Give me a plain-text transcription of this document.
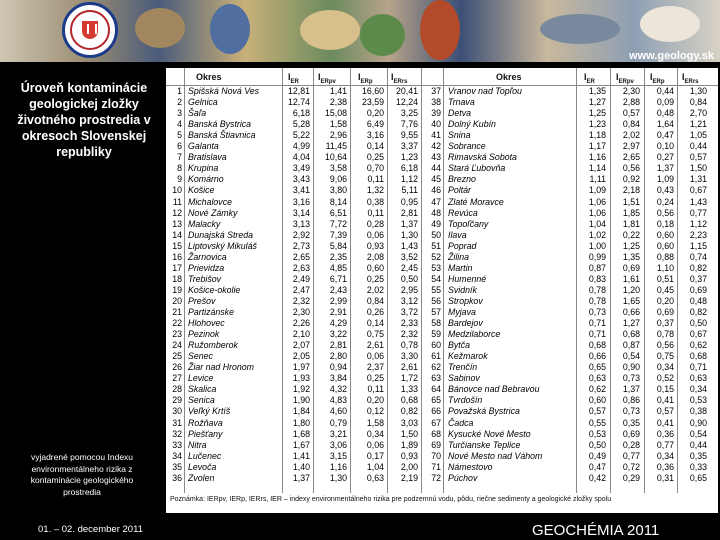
www.geology.sk
Úroveň kontaminácie geologickej zložky životného prostredia v okresoch Slovenskej republiky
vyjadrené pomocou Indexu environmentálneho rizika z kontaminácie geologického prostredia
01. – 02. december 2011	GEOCHÉMIA 2011
Okres	$I_{ER}$ $I_{ERpv}$ $I_{ERp}$ $I_{ERrs}$	Okres	$I_{ER}$ $I_{ERpv}$ $I_{ERp}$ $I_{ERrs}$
1 Spišská Nová Ves	12,81	1,41	16,60	20,41
2 Gelnica	12,74	2,38	23,59	12,24
3 Šaľa	6,18	15,08	0,20	3,25
4 Banská Bystrica	5,28	1,58	6,49	7,76
5 Banská Štiavnica	5,22	2,96	3,16	9,55
6 Galanta	4,99	11,45	0,14	3,37
7 Bratislava	4,04	10,64	0,25	1,23
8 Krupina	3,49	3,58	0,70	6,18
9 Komárno	3,43	9,06	0,11	1,12
10 Košice	3,41	3,80	1,32	5,11
11 Michalovce	3,16	8,14	0,38	0,95
12 Nové Zámky	3,14	6,51	0,11	2,81
13 Malacky	3,13	7,72	0,28	1,37
14 Dunajská Streda	2,92	7,39	0,06	1,30
15 Liptovský Mikuláš	2,73	5,84	0,93	1,43
16 Žarnovica	2,65	2,35	2,08	3,52
17 Prievidza	2,63	4,85	0,60	2,45
18 Trebišov	2,49	6,71	0,25	0,50
19 Košice-okolie	2,47	2,43	2,02	2,95
20 Prešov	2,32	2,99	0,84	3,12
21 Partizánske	2,30	2,91	0,26	3,72
22 Hlohovec	2,26	4,29	0,14	2,33
23 Pezinok	2,10	3,22	0,75	2,32
24 Ružomberok	2,07	2,81	2,61	0,78
25 Senec	2,05	2,80	0,06	3,30
26 Žiar nad Hronom	1,97	0,94	2,37	2,61
27 Levice	1,93	3,84	0,25	1,72
28 Skalica	1,92	4,32	0,11	1,33
29 Senica	1,90	4,83	0,20	0,68
30 Veľký Krtíš	1,84	4,60	0,12	0,82
31 Rožňava	1,80	0,79	1,58	3,03
32 Piešťany	1,68	3,21	0,34	1,50
33 Nitra	1,67	3,06	0,06	1,89
34 Lučenec	1,41	3,15	0,17	0,93
35 Levoča	1,40	1,16	1,04	2,00
36 Zvolen	1,37	1,30	0,63	2,19
37 Vranov nad Topľou	1,35	2,30	0,44	1,30
38 Trnava	1,27	2,88	0,09	0,84
39 Detva	1,25	0,57	0,48	2,70
40 Dolný Kubín	1,23	0,84	1,64	1,21
41 Snina	1,18	2,02	0,47	1,05
42 Sobrance	1,17	2,97	0,10	0,44
43 Rimavská Sobota	1,16	2,65	0,27	0,57
44 Stará Ľubovňa	1,14	0,56	1,37	1,50
45 Brezno	1,11	0,92	1,09	1,31
46 Poltár	1,09	2,18	0,43	0,67
47 Zlaté Moravce	1,06	1,51	0,24	1,43
48 Revúca	1,06	1,85	0,56	0,77
49 Topoľčany	1,04	1,81	0,18	1,12
50 Ilava	1,02	0,22	0,60	2,23
51 Poprad	1,00	1,25	0,60	1,15
52 Žilina	0,99	1,35	0,88	0,74
53 Martin	0,87	0,69	1,10	0,82
54 Humenné	0,83	1,61	0,51	0,37
55 Svidník	0,78	1,20	0,45	0,69
56 Stropkov	0,78	1,65	0,20	0,48
57 Myjava	0,73	0,66	0,69	0,82
58 Bardejov	0,71	1,27	0,37	0,50
59 Medzilaborce	0,71	0,68	0,78	0,67
60 Bytča	0,68	0,87	0,56	0,62
61 Kežmarok	0,66	0,54	0,75	0,68
62 Trenčín	0,65	0,90	0,34	0,71
63 Sabinov	0,63	0,73	0,52	0,63
64 Bánovce nad Bebravou	0,62	1,37	0,15	0,34
65 Tvrdošín	0,60	0,86	0,41	0,53
66 Považská Bystrica	0,57	0,73	0,57	0,38
67 Čadca	0,55	0,35	0,41	0,90
68 Kysucké Nové Mesto	0,53	0,69	0,36	0,54
69 Turčianske Teplice	0,50	0,28	0,77	0,44
70 Nové Mesto nad Váhom	0,49	0,77	0,34	0,35
71 Námestovo	0,47	0,72	0,36	0,33
72 Púchov	0,42	0,29	0,31	0,65
Poznámka: IERpv, IERp, IERrs, IER – indexy environmentálneho rizika pre podzemnú vodu, pôdu, riečne sedimenty a geologické zložky spolu
